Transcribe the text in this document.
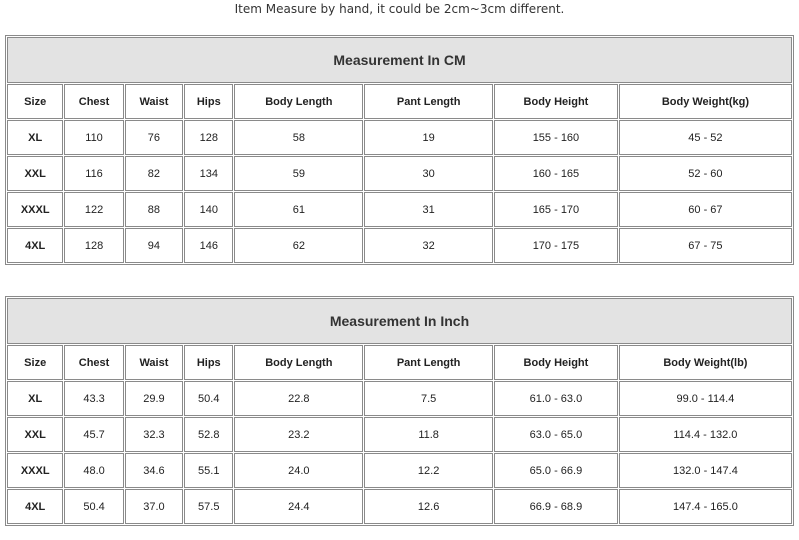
Item Measure by hand, it could be 2cm~3cm different.
Measurement In CM							
Size	Chest	Waist	Hips	Body Length	Pant Length	Body Height	Body Weight(kg)
XL	110	76	128	58	19	155 - 160	45 - 52
XXL	116	82	134	59	30	160 - 165	52 - 60
XXXL	122	88	140	61	31	165 - 170	60 - 67
4XL	128	94	146	62	32	170 - 175	67 - 75
Measurement In Inch							
Size	Chest	Waist	Hips	Body Length	Pant Length	Body Height	Body Weight(lb)
XL	43.3	29.9	50.4	22.8	7.5	61.0 - 63.0	99.0 - 114.4
XXL	45.7	32.3	52.8	23.2	11.8	63.0 - 65.0	114.4 - 132.0
XXXL	48.0	34.6	55.1	24.0	12.2	65.0 - 66.9	132.0 - 147.4
4XL	50.4	37.0	57.5	24.4	12.6	66.9 - 68.9	147.4 - 165.0
